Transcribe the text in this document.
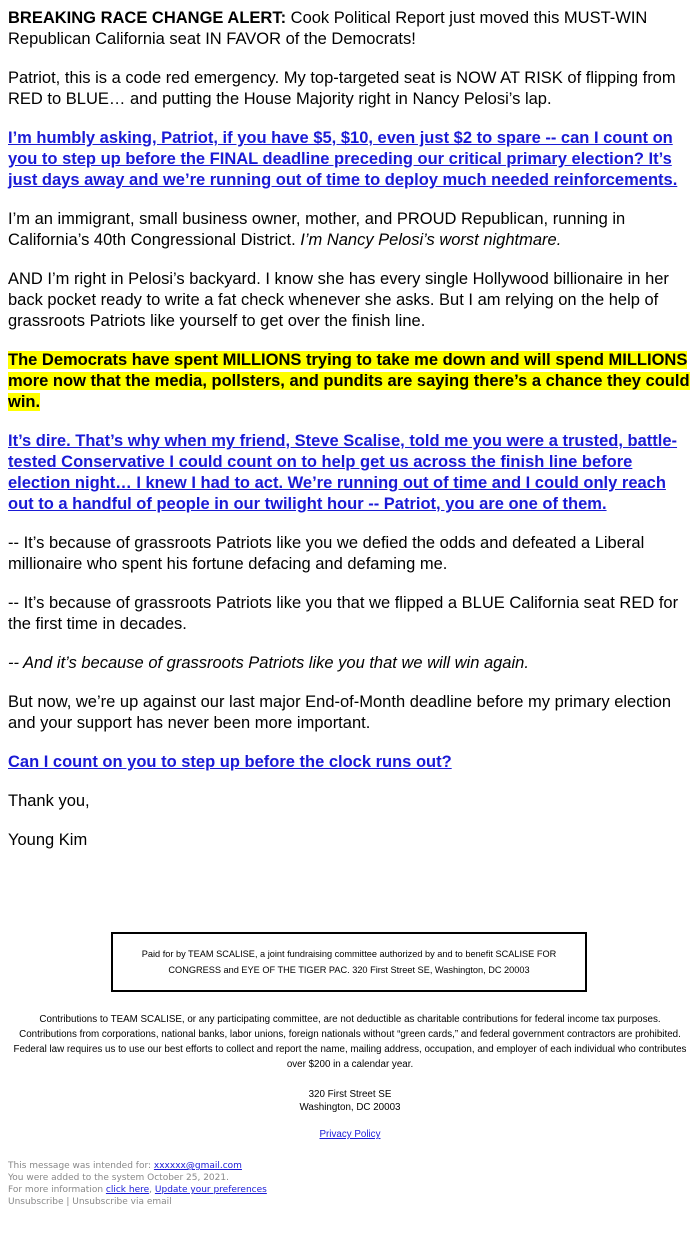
BREAKING RACE CHANGE ALERT: Cook Political Report just moved this MUST-WIN Republican California seat IN FAVOR of the Democrats!

Patriot, this is a code red emergency. My top-targeted seat is NOW AT RISK of flipping from RED to BLUE… and putting the House Majority right in Nancy Pelosi’s lap.

I’m humbly asking, Patriot, if you have $5, $10, even just $2 to spare -- can I count on you to step up before the FINAL deadline preceding our critical primary election? It’s just days away and we’re running out of time to deploy much needed reinforcements.

I’m an immigrant, small business owner, mother, and PROUD Republican, running in California’s 40th Congressional District. I’m Nancy Pelosi’s worst nightmare.

AND I’m right in Pelosi’s backyard. I know she has every single Hollywood billionaire in her back pocket ready to write a fat check whenever she asks. But I am relying on the help of grassroots Patriots like yourself to get over the finish line.

The Democrats have spent MILLIONS trying to take me down and will spend MILLIONS more now that the media, pollsters, and pundits are saying there’s a chance they could win.

It’s dire. That’s why when my friend, Steve Scalise, told me you were a trusted, battle-tested Conservative I could count on to help get us across the finish line before election night… I knew I had to act. We’re running out of time and I could only reach out to a handful of people in our twilight hour -- Patriot, you are one of them.

-- It’s because of grassroots Patriots like you we defied the odds and defeated a Liberal millionaire who spent his fortune defacing and defaming me.

-- It’s because of grassroots Patriots like you that we flipped a BLUE California seat RED for the first time in decades.

-- And it’s because of grassroots Patriots like you that we will win again.

But now, we’re up against our last major End-of-Month deadline before my primary election and your support has never been more important.

Can I count on you to step up before the clock runs out?

Thank you,

Young Kim

Paid for by TEAM SCALISE, a joint fundraising committee authorized by and to benefit SCALISE FOR CONGRESS and EYE OF THE TIGER PAC. 320 First Street SE, Washington, DC 20003
Contributions to TEAM SCALISE, or any participating committee, are not deductible as charitable contributions for federal income tax purposes. Contributions from corporations, national banks, labor unions, foreign nationals without “green cards,” and federal government contractors are prohibited. Federal law requires us to use our best efforts to collect and report the name, mailing address, occupation, and employer of each individual who contributes over $200 in a calendar year.
320 First Street SE
Washington, DC 20003
Privacy Policy
This message was intended for: xxxxxx@gmail.com
You were added to the system October 25, 2021.
For more information click here, Update your preferences
Unsubscribe | Unsubscribe via email
